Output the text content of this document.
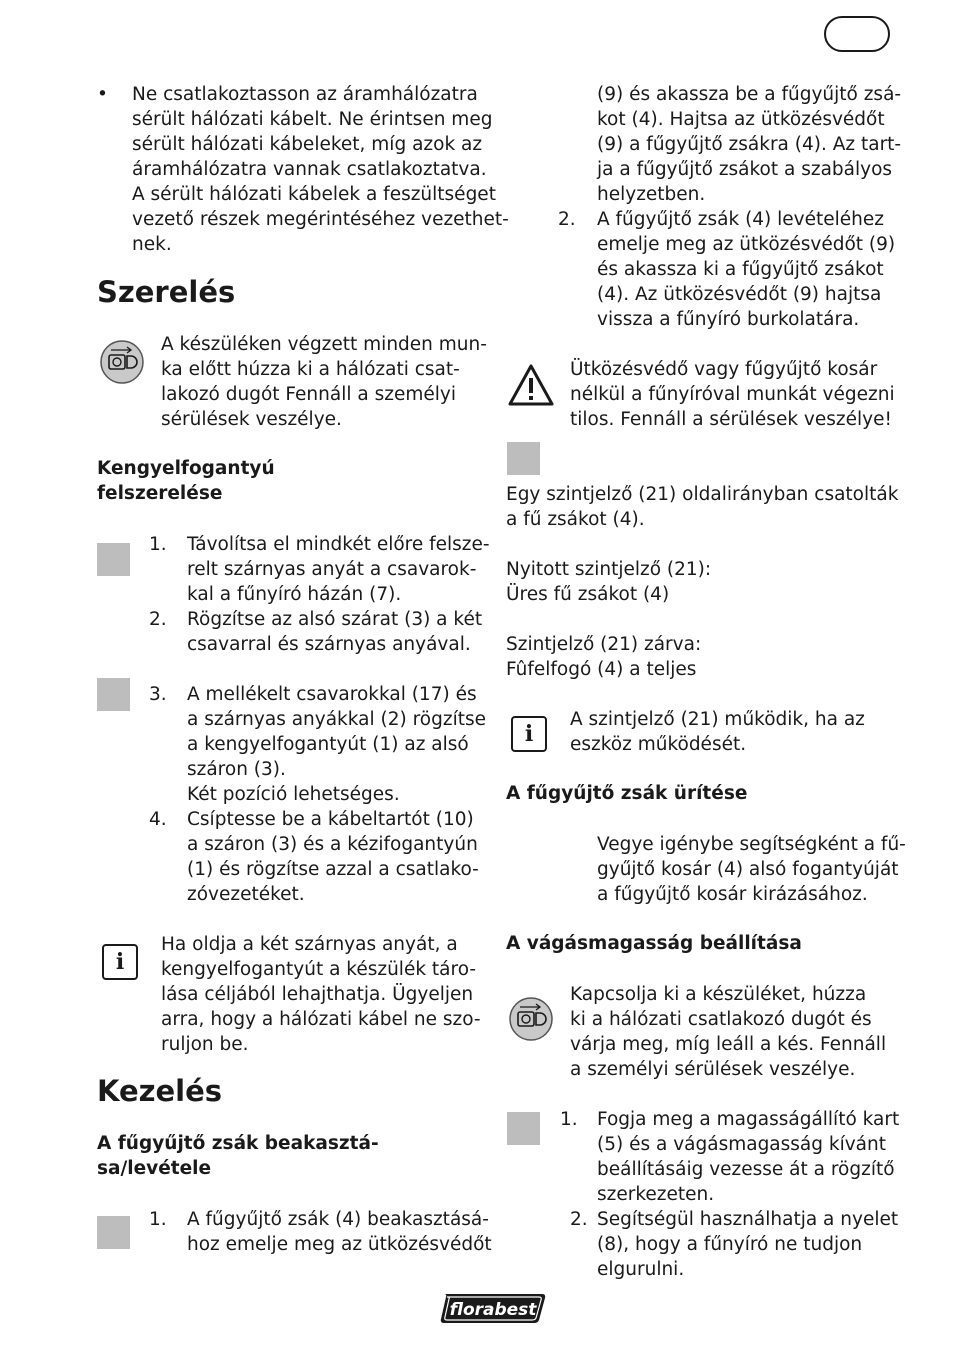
• Ne csatlakoztasson az áramhálózatra
sérült hálózati kábelt. Ne érintsen meg
sérült hálózati kábeleket, míg azok az
áramhálózatra vannak csatlakoztatva.
A sérült hálózati kábelek a feszültséget
vezető részek megérintéséhez vezethet-
nek.
Szerelés
A készüléken végzett minden mun-
ka előtt húzza ki a hálózati csat-
lakozó dugót Fennáll a személyi
sérülések veszélye.
Kengyelfogantyú
felszerelése
1. Távolítsa el mindkét előre felsze-
relt szárnyas anyát a csavarok-
kal a fűnyíró házán (7).
2. Rögzítse az alsó szárat (3) a két
csavarral és szárnyas anyával.
3. A mellékelt csavarokkal (17) és
a szárnyas anyákkal (2) rögzítse
a kengyelfogantyút (1) az alsó
száron (3).
Két pozíció lehetséges.
4. Csíptesse be a kábeltartót (10)
a száron (3) és a kézifogantyún
(1) és rögzítse azzal a csatlako-
zóvezetéket.
i
Ha oldja a két szárnyas anyát, a
kengyelfogantyút a készülék táro-
lása céljából lehajthatja. Ügyeljen
arra, hogy a hálózati kábel ne szo-
ruljon be.
Kezelés
A fűgyűjtő zsák beakasztá-
sa/levétele
1. A fűgyűjtő zsák (4) beakasztásá-
hoz emelje meg az ütközésvédőt
(9) és akassza be a fűgyűjtő zsá-
kot (4). Hajtsa az ütközésvédőt
(9) a fűgyűjtő zsákra (4). Az tart-
ja a fűgyűjtő zsákot a szabályos
helyzetben.
2. A fűgyűjtő zsák (4) levételéhez
emelje meg az ütközésvédőt (9)
és akassza ki a fűgyűjtő zsákot
(4). Az ütközésvédőt (9) hajtsa
vissza a fűnyíró burkolatára.
Ütközésvédő vagy fűgyűjtő kosár
nélkül a fűnyíróval munkát végezni
tilos. Fennáll a sérülések veszélye!
Egy szintjelző (21) oldalirányban csatolták
a fű zsákot (4).
Nyitott szintjelző (21):
Üres fű zsákot (4)
Szintjelző (21) zárva:
Fûfelfogó (4) a teljes
i
A szintjelző (21) működik, ha az
eszköz működését.
A fűgyűjtő zsák ürítése
Vegye igénybe segítségként a fű-
gyűjtő kosár (4) alsó fogantyúját
a fűgyűjtő kosár kirázásához.
A vágásmagasság beállítása
Kapcsolja ki a készüléket, húzza
ki a hálózati csatlakozó dugót és
várja meg, míg leáll a kés. Fennáll
a személyi sérülések veszélye.
1. Fogja meg a magasságállító kart
(5) és a vágásmagasság kívánt
beállításáig vezesse át a rögzítő
szerkezeten.
2. Segítségül használhatja a nyelet
(8), hogy a fűnyíró ne tudjon
elgurulni.
florabest
